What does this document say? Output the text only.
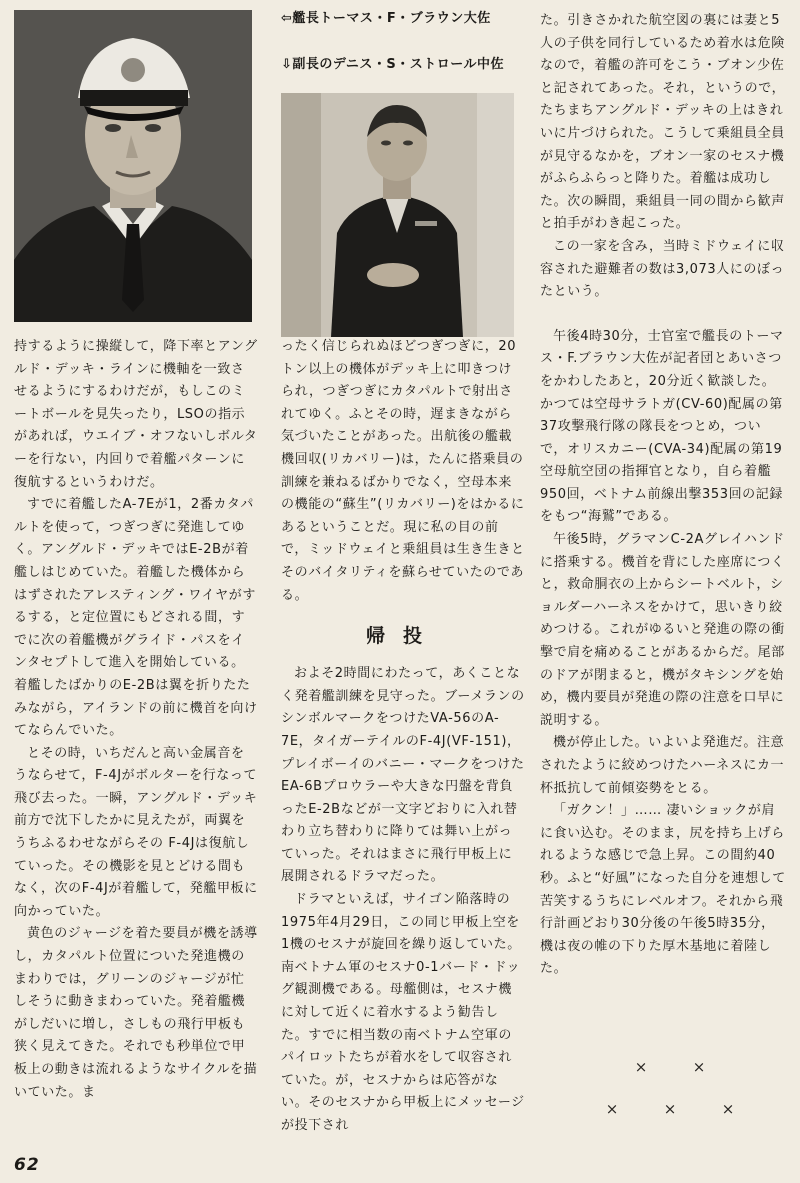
⇦艦長トーマス・F・ブラウン大佐
⇩副長のデニス・S・ストロール中佐

持するように操縦して，降下率とアングルド・デッキ・ラインに機軸を一致させるようにするわけだが，もしこのミートボールを見失ったり，LSOの指示があれば，ウエイブ・オフないしボルターを行ない，内回りで着艦パターンに復航するというわけだ。

すでに着艦したA-7Eが1，2番カタパルトを使って，つぎつぎに発進してゆく。アングルド・デッキではE-2Bが着艦しはじめていた。着艦した機体からはずされたアレスティング・ワイヤがするする，と定位置にもどされる間，すでに次の着艦機がグライド・パスをインタセプトして進入を開始している。着艦したばかりのE-2Bは翼を折りたたみながら，アイランドの前に機首を向けてならんでいた。

とその時，いちだんと高い金属音をうならせて，F-4Jがボルターを行なって飛び去った。一瞬，アングルド・デッキ前方で沈下したかに見えたが，両翼をうちふるわせながらその F-4Jは復航していった。その機影を見とどける間もなく，次のF-4Jが着艦して，発艦甲板に向かっていた。

黄色のジャージを着た要員が機を誘導し，カタパルト位置についた発進機のまわりでは，グリーンのジャージが忙しそうに動きまわっていた。発着艦機がしだいに増し，さしもの飛行甲板も狭く見えてきた。それでも秒単位で甲板上の動きは流れるようなサイクルを描いていた。ま

ったく信じられぬほどつぎつぎに，20トン以上の機体がデッキ上に叩きつけられ，つぎつぎにカタパルトで射出されてゆく。ふとその時，遅まきながら気づいたことがあった。出航後の艦載機回収(リカバリー)は，たんに搭乗員の訓練を兼ねるばかりでなく，空母本来の機能の“蘇生”(リカバリー)をはかるにあるということだ。現に私の目の前で，ミッドウェイと乗組員は生き生きとそのバイタリティを蘇らせていたのである。

帰投

およそ2時間にわたって，あくことなく発着艦訓練を見守った。ブーメランのシンボルマークをつけたVA-56のA-7E，タイガーテイルのF-4J(VF-151)，プレイボーイのバニー・マークをつけたEA-6Bプロウラーや大きな円盤を背負ったE-2Bなどが一文字どおりに入れ替わり立ち替わりに降りては舞い上がっていった。それはまさに飛行甲板上に展開されるドラマだった。

ドラマといえば，サイゴン陥落時の1975年4月29日，この同じ甲板上空を1機のセスナが旋回を繰り返していた。南ベトナム軍のセスナ0-1バード・ドッグ観測機である。母艦側は，セスナ機に対して近くに着水するよう勧告した。すでに相当数の南ベトナム空軍のパイロットたちが着水をして収容されていた。が，セスナからは応答がない。そのセスナから甲板上にメッセージが投下され

た。引きさかれた航空図の裏には妻と5人の子供を同行しているため着水は危険なので，着艦の許可をこう・ブオン少佐と記されてあった。それ，というので，たちまちアングルド・デッキの上はきれいに片づけられた。こうして乗組員全員が見守るなかを，ブオン一家のセスナ機がふらふらっと降りた。着艦は成功した。次の瞬間，乗組員一同の間から歓声と拍手がわき起こった。

この一家を含み，当時ミドウェイに収容された避難者の数は3,073人にのぼったという。

午後4時30分，士官室で艦長のトーマス・F.ブラウン大佐が記者団とあいさつをかわしたあと，20分近く歓談した。かつては空母サラトガ(CV-60)配属の第37攻撃飛行隊の隊長をつとめ，ついで，オリスカニー(CVA-34)配属の第19空母航空団の指揮官となり，自ら着艦950回，ベトナム前線出撃353回の記録をもつ“海鷲”である。

午後5時，グラマンC-2Aグレイハンドに搭乗する。機首を背にした座席につくと，救命胴衣の上からシートベルト，ショルダーハーネスをかけて，思いきり絞めつける。これがゆるいと発進の際の衝撃で肩を痛めることがあるからだ。尾部のドアが閉まると，機がタキシングを始め，機内要員が発進の際の注意を口早に説明する。

機が停止した。いよいよ発進だ。注意されたように絞めつけたハーネスにカ一杯抵抗して前傾姿勢をとる。

「ガクン！」…… 凄いショックが肩に食い込む。そのまま，尻を持ち上げられるような感じで急上昇。この間約40秒。ふと“好風”になった自分を連想して苦笑するうちにレベルオフ。それから飛行計画どおり30分後の午後5時35分，機は夜の帷の下りた厚木基地に着陸した。

×	×
×	×	×
62
